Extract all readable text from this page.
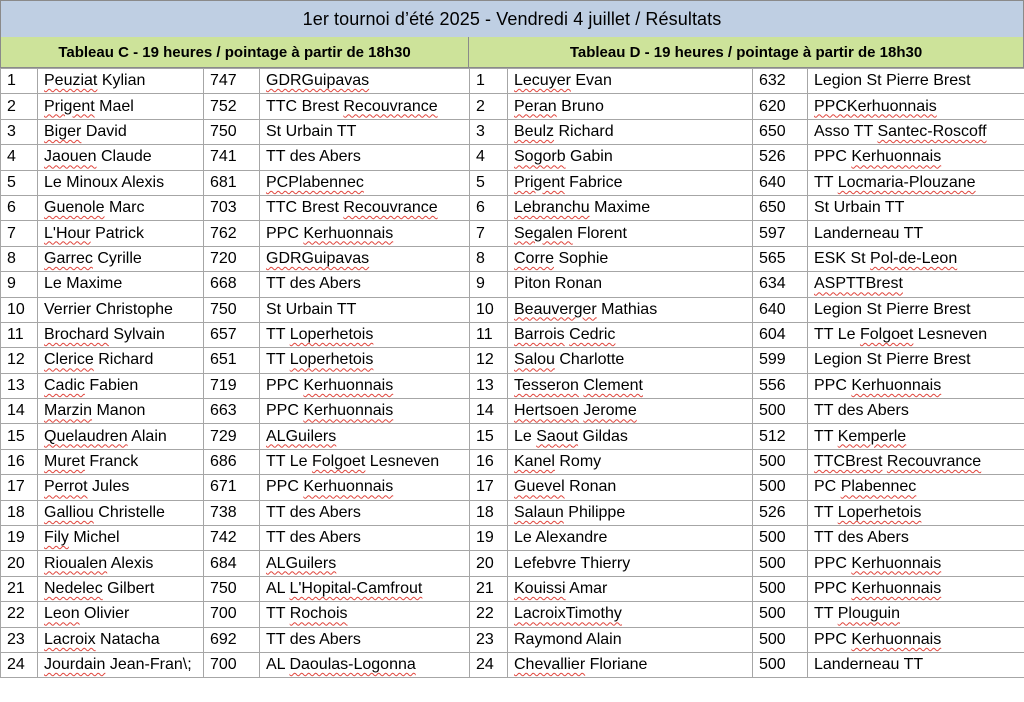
1er tournoi d’été 2025 - Vendredi 4 juillet / Résultats
Tableau C - 19 heures / pointage à partir de 18h30	Tableau D - 19 heures / pointage à partir de 18h30
1	Peuziat Kylian	747	GDRGuipavas
2	Prigent Mael	752	TTC Brest Recouvrance
3	Biger David	750	St Urbain TT
4	Jaouen Claude	741	TT des Abers
5	Le Minoux Alexis	681	PCPlabennec
6	Guenole Marc	703	TTC Brest Recouvrance
7	L'Hour Patrick	762	PPC Kerhuonnais
8	Garrec Cyrille	720	GDRGuipavas
9	Le Maxime	668	TT des Abers
10	Verrier Christophe	750	St Urbain TT
11	Brochard Sylvain	657	TT Loperhetois
12	Clerice Richard	651	TT Loperhetois
13	Cadic Fabien	719	PPC Kerhuonnais
14	Marzin Manon	663	PPC Kerhuonnais
15	Quelaudren Alain	729	ALGuilers
16	Muret Franck	686	TT Le Folgoet Lesneven
17	Perrot Jules	671	PPC Kerhuonnais
18	Galliou Christelle	738	TT des Abers
19	Fily Michel	742	TT des Abers
20	Rioualen Alexis	684	ALGuilers
21	Nedelec Gilbert	750	AL L'Hopital-Camfrout
22	Leon Olivier	700	TT Rochois
23	Lacroix Natacha	692	TT des Abers
24	Jourdain Jean-Fran\;	700	AL Daoulas-Logonna
1	Lecuyer Evan	632	Legion St Pierre Brest
2	Peran Bruno	620	PPCKerhuonnais
3	Beulz Richard	650	Asso TT Santec-Roscoff
4	Sogorb Gabin	526	PPC Kerhuonnais
5	Prigent Fabrice	640	TT Locmaria-Plouzane
6	Lebranchu Maxime	650	St Urbain TT
7	Segalen Florent	597	Landerneau TT
8	Corre Sophie	565	ESK St Pol-de-Leon
9	Piton Ronan	634	ASPTTBrest
10	Beauverger Mathias	640	Legion St Pierre Brest
11	Barrois Cedric	604	TT Le Folgoet Lesneven
12	Salou Charlotte	599	Legion St Pierre Brest
13	Tesseron Clement	556	PPC Kerhuonnais
14	Hertsoen Jerome	500	TT des Abers
15	Le Saout Gildas	512	TT Kemperle
16	Kanel Romy	500	TTCBrest Recouvrance
17	Guevel Ronan	500	PC Plabennec
18	Salaun Philippe	526	TT Loperhetois
19	Le Alexandre	500	TT des Abers
20	Lefebvre Thierry	500	PPC Kerhuonnais
21	Kouissi Amar	500	PPC Kerhuonnais
22	LacroixTimothy	500	TT Plouguin
23	Raymond Alain	500	PPC Kerhuonnais
24	Chevallier Floriane	500	Landerneau TT
